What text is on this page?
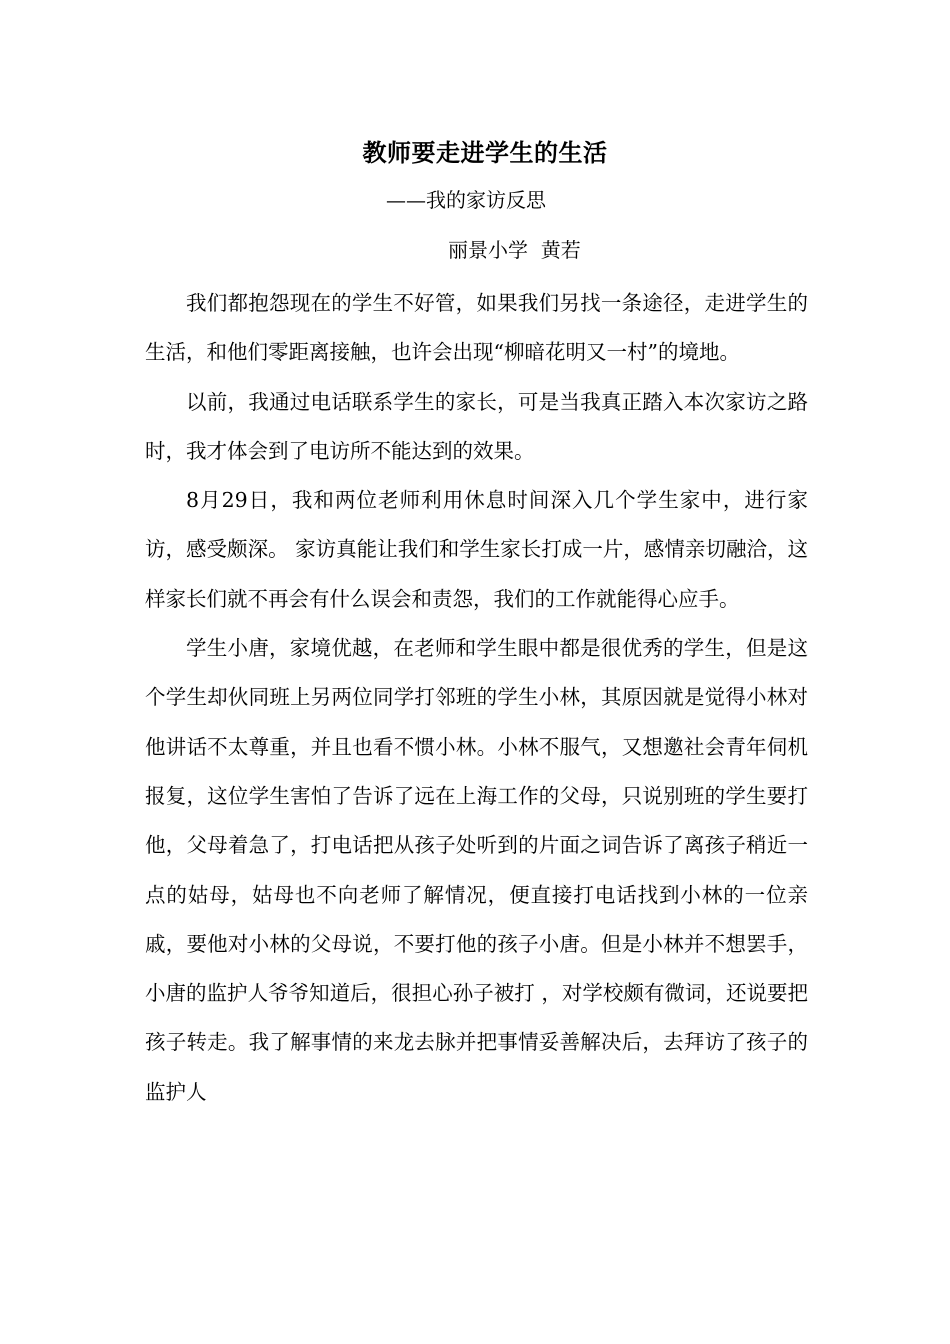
教师要走进学生的生活
——我的家访反思
丽景小学  黄若

我们都抱怨现在的学生不好管，如果我们另找一条途径，走进学生的生活，和他们零距离接触，也许会出现“柳暗花明又一村”的境地。

以前，我通过电话联系学生的家长，可是当我真正踏入本次家访之路时，我才体会到了电访所不能达到的效果。

8月29日，我和两位老师利用休息时间深入几个学生家中，进行家访，感受颇深。 家访真能让我们和学生家长打成一片，感情亲切融洽，这样家长们就不再会有什么误会和责怨，我们的工作就能得心应手。

学生小唐，家境优越，在老师和学生眼中都是很优秀的学生，但是这个学生却伙同班上另两位同学打邻班的学生小林，其原因就是觉得小林对他讲话不太尊重，并且也看不惯小林。小林不服气，又想邀社会青年伺机报复，这位学生害怕了告诉了远在上海工作的父母，只说别班的学生要打他，父母着急了，打电话把从孩子处听到的片面之词告诉了离孩子稍近一点的姑母，姑母也不向老师了解情况，便直接打电话找到小林的一位亲戚，要他对小林的父母说，不要打他的孩子小唐。但是小林并不想罢手，小唐的监护人爷爷知道后，很担心孙子被打 ，对学校颇有微词，还说要把孩子转走。我了解事情的来龙去脉并把事情妥善解决后，去拜访了孩子的监护人
